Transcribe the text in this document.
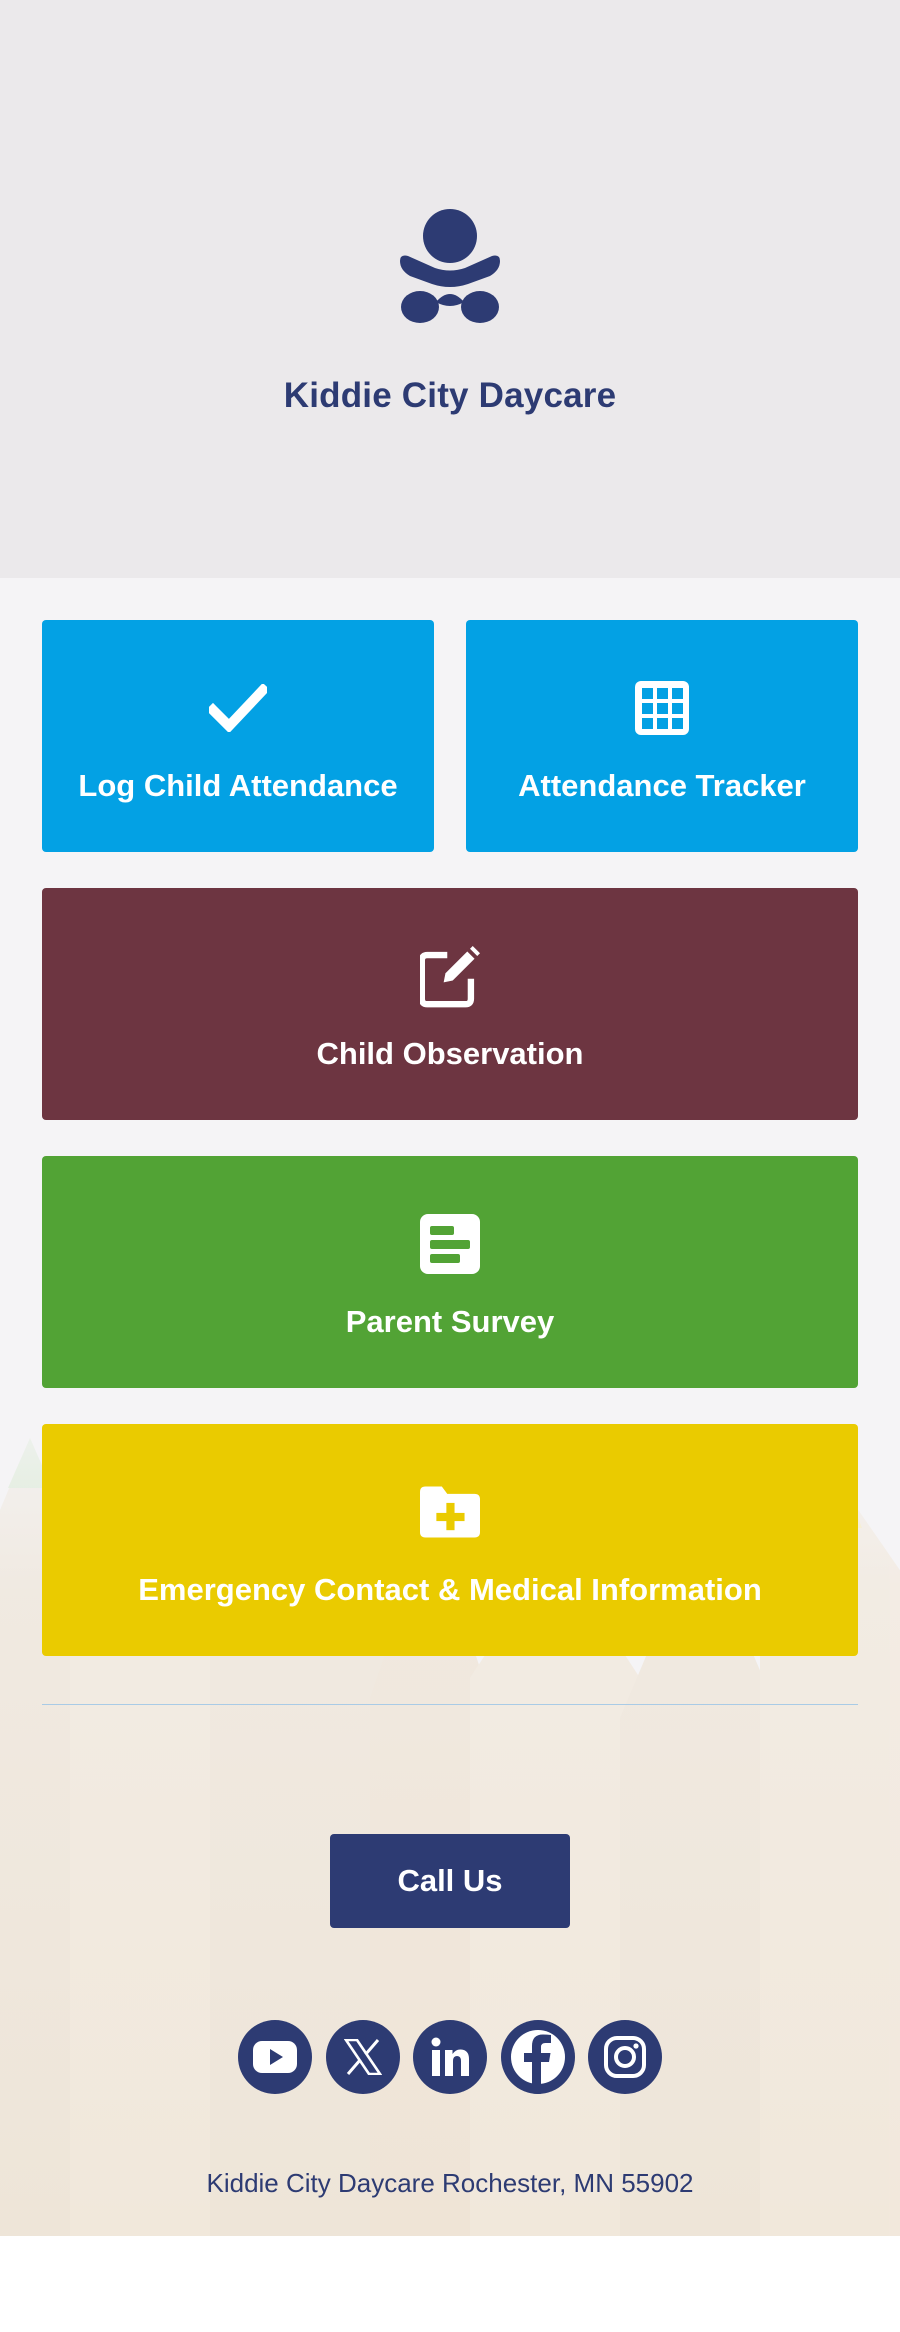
Kiddie City Daycare
Log Child Attendance	Attendance Tracker
Child Observation
Parent Survey
Emergency Contact & Medical Information
Call Us
Kiddie City Daycare Rochester, MN 55902
